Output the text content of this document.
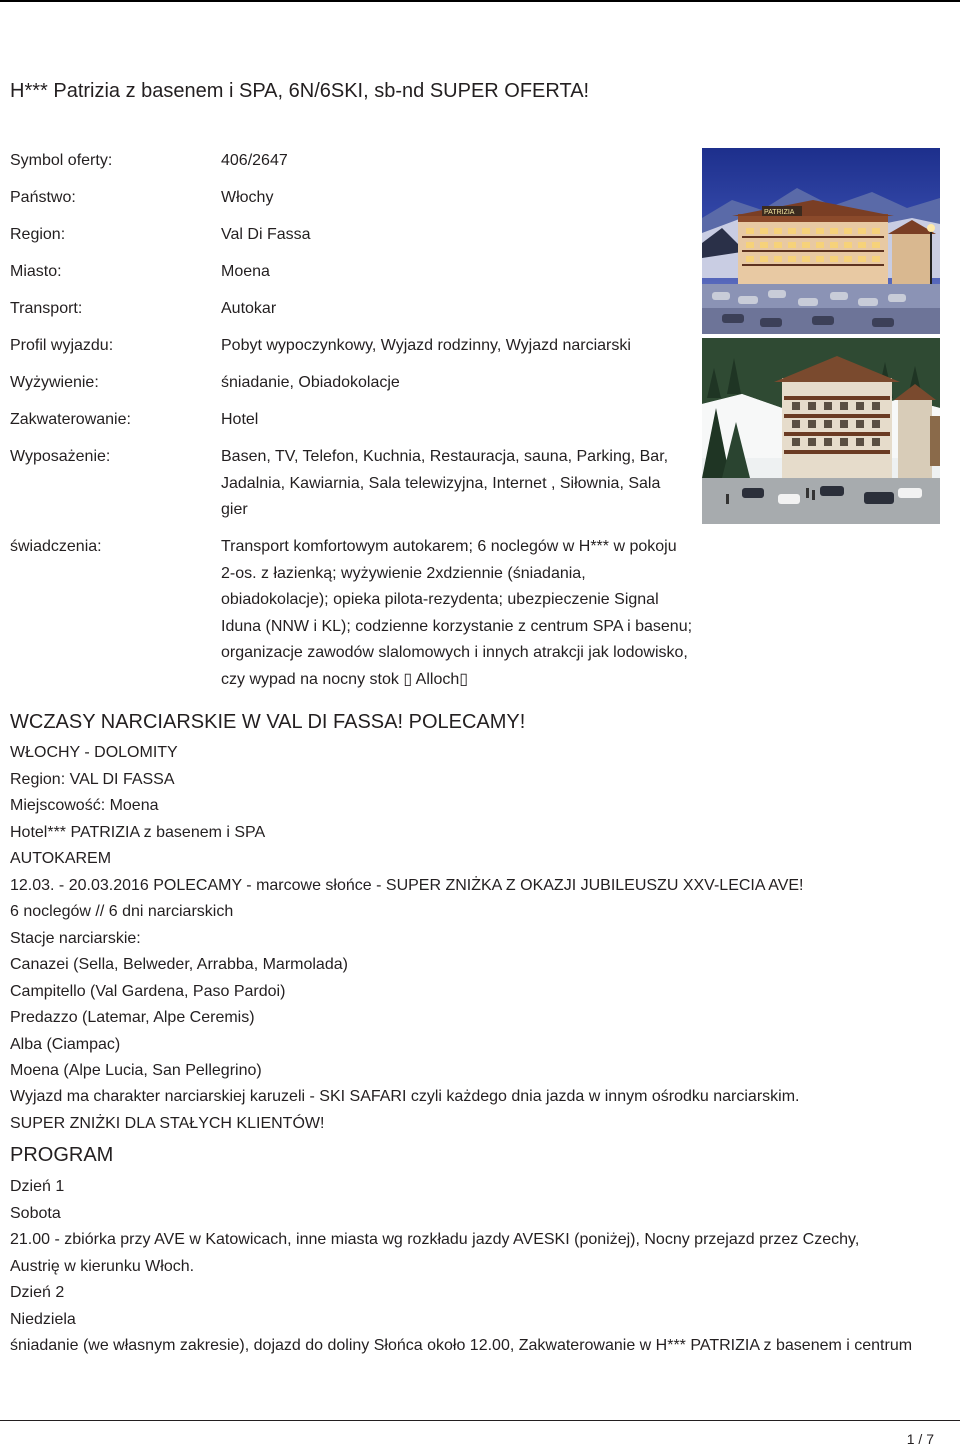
H*** Patrizia z basenem i SPA, 6N/6SKI, sb-nd SUPER OFERTA!
Symbol oferty:	406/2647
Państwo:	Włochy
Region:	Val Di Fassa
Miasto:	Moena
Transport:	Autokar
Profil wyjazdu:	Pobyt wypoczynkowy, Wyjazd rodzinny, Wyjazd narciarski
Wyżywienie:	śniadanie, Obiadokolacje
Zakwaterowanie:	Hotel
Wyposażenie:	Basen, TV, Telefon, Kuchnia, Restauracja, sauna, Parking, Bar, Jadalnia, Kawiarnia, Sala telewizyjna, Internet , Siłownia, Sala gier
świadczenia:	Transport komfortowym autokarem; 6 noclegów w H*** w pokoju 2-os. z łazienką; wyżywienie 2xdziennie (śniadania, obiadokolacje); opieka pilota-rezydenta; ubezpieczenie Signal Iduna (NNW i KL); codzienne korzystanie z centrum SPA i basenu; organizacje zawodów slalomowych i innych atrakcji jak lodowisko, czy wypad na nocny stok ▯ Alloch▯
PATRIZIA
WCZASY NARCIARSKIE W VAL DI FASSA! POLECAMY!
WŁOCHY - DOLOMITY
Region: VAL DI FASSA
Miejscowość: Moena
Hotel*** PATRIZIA z basenem i SPA
AUTOKAREM
12.03. - 20.03.2016 POLECAMY - marcowe słońce - SUPER ZNIŻKA Z OKAZJI JUBILEUSZU XXV-LECIA AVE!
6 noclegów // 6 dni narciarskich
Stacje narciarskie:
Canazei (Sella, Belweder, Arrabba, Marmolada)
Campitello (Val Gardena, Paso Pardoi)
Predazzo (Latemar, Alpe Ceremis)
Alba (Ciampac)
Moena (Alpe Lucia, San Pellegrino)
Wyjazd ma charakter narciarskiej karuzeli - SKI SAFARI czyli każdego dnia jazda w innym ośrodku narciarskim.
SUPER ZNIŻKI DLA STAŁYCH KLIENTÓW!
PROGRAM
Dzień 1
Sobota
21.00 - zbiórka przy AVE w Katowicach, inne miasta wg rozkładu jazdy AVESKI (poniżej), Nocny przejazd przez Czechy,
Austrię w kierunku Włoch.
Dzień 2
Niedziela
śniadanie (we własnym zakresie), dojazd do doliny Słońca około 12.00, Zakwaterowanie w H*** PATRIZIA z basenem i centrum
1 / 7
